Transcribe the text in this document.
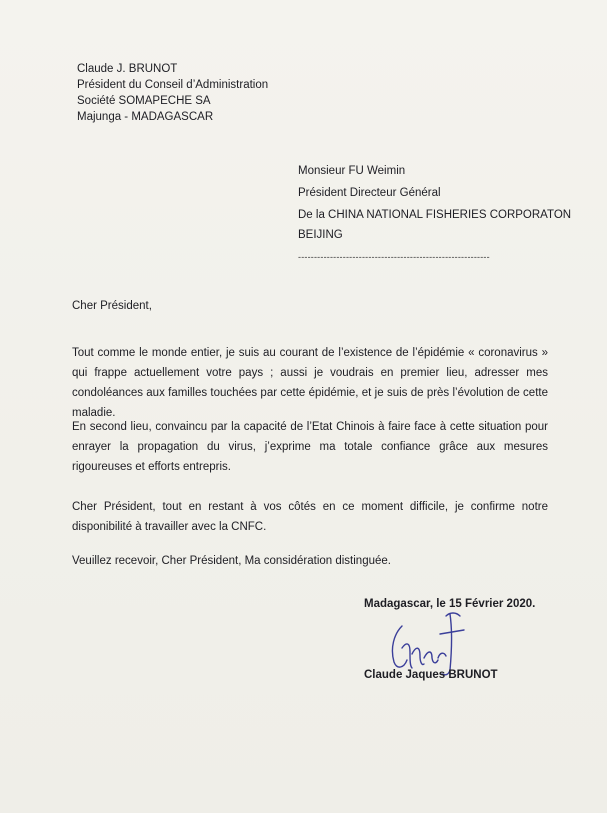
Claude J. BRUNOT

Président du Conseil d’Administration

Société SOMAPECHE SA

Majunga - MADAGASCAR

Monsieur FU Weimin

Président Directeur Général

De la CHINA NATIONAL FISHERIES CORPORATON

BEIJING

------------------------------------------------------------

Cher Président,

Tout comme le monde entier, je suis au courant de l’existence de l’épidémie « coronavirus » qui frappe actuellement votre pays ; aussi je voudrais en premier lieu, adresser mes condoléances aux familles touchées par cette épidémie, et je suis de près l’évolution de cette maladie.

En second lieu, convaincu par la capacité de l’Etat Chinois à faire face à cette situation pour enrayer la propagation du virus, j’exprime ma totale confiance grâce aux mesures rigoureuses et efforts entrepris.

Cher Président, tout en restant à vos côtés en ce moment difficile, je confirme notre disponibilité à travailler avec la CNFC.

Veuillez recevoir, Cher Président, Ma considération distinguée.

Madagascar, le 15 Février 2020.
Claude Jaques BRUNOT
